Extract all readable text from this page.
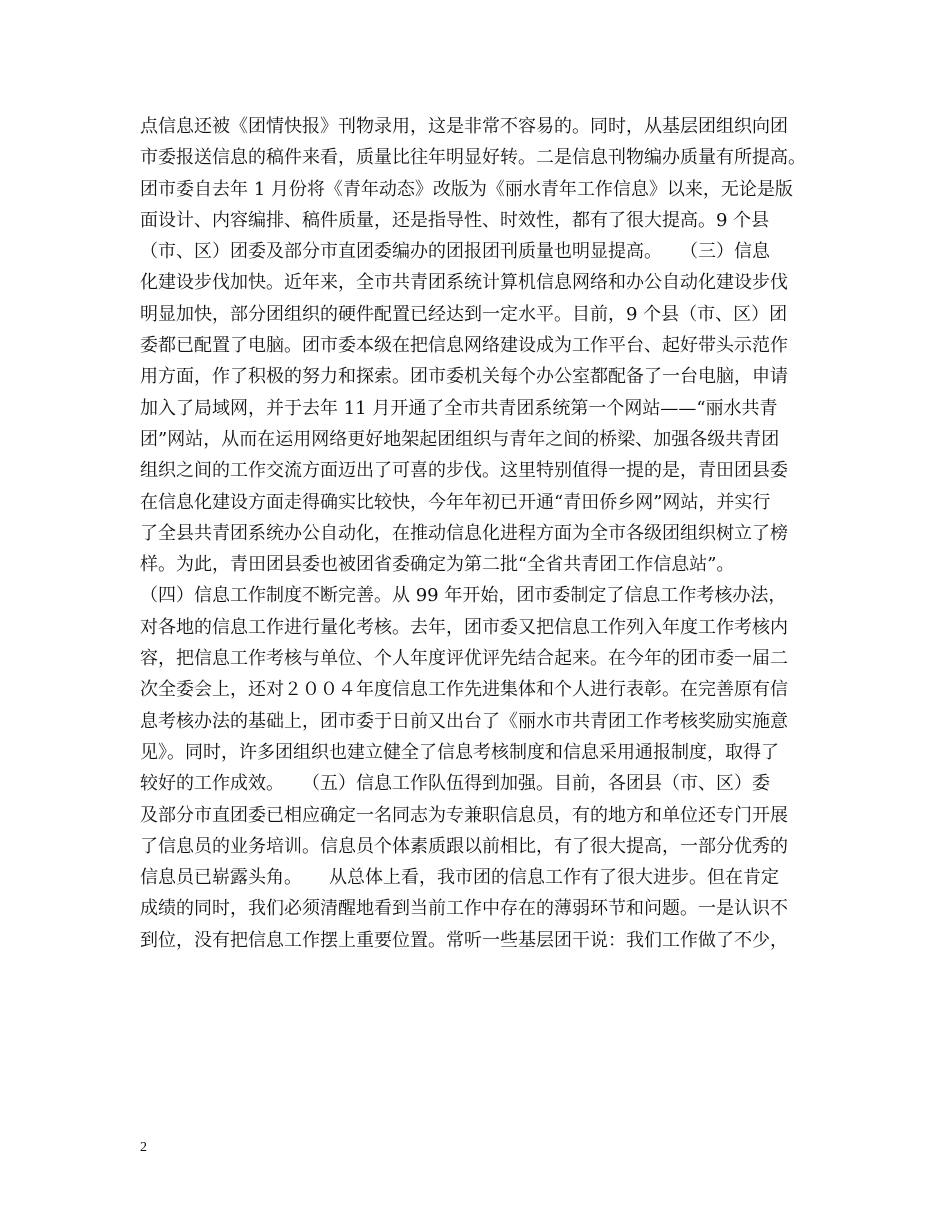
点信息还被《团情快报》刊物录用，这是非常不容易的。同时，从基层团组织向团
市委报送信息的稿件来看，质量比往年明显好转。二是信息刊物编办质量有所提高。
团市委自去年 1 月份将《青年动态》改版为《丽水青年工作信息》以来，无论是版
面设计、内容编排、稿件质量，还是指导性、时效性，都有了很大提高。9 个县
（市、区）团委及部分市直团委编办的团报团刊质量也明显提高。　　（三）信息
化建设步伐加快。近年来，全市共青团系统计算机信息网络和办公自动化建设步伐
明显加快，部分团组织的硬件配置已经达到一定水平。目前，9 个县（市、区）团
委都已配置了电脑。团市委本级在把信息网络建设成为工作平台、起好带头示范作
用方面，作了积极的努力和探索。团市委机关每个办公室都配备了一台电脑，申请
加入了局域网，并于去年 11 月开通了全市共青团系统第一个网站——“丽水共青
团”网站，从而在运用网络更好地架起团组织与青年之间的桥梁、加强各级共青团
组织之间的工作交流方面迈出了可喜的步伐。这里特别值得一提的是，青田团县委
在信息化建设方面走得确实比较快，今年年初已开通“青田侨乡网”网站，并实行
了全县共青团系统办公自动化，在推动信息化进程方面为全市各级团组织树立了榜
样。为此，青田团县委也被团省委确定为第二批“全省共青团工作信息站”。
（四）信息工作制度不断完善。从 99 年开始，团市委制定了信息工作考核办法，
对各地的信息工作进行量化考核。去年，团市委又把信息工作列入年度工作考核内
容，把信息工作考核与单位、个人年度评优评先结合起来。在今年的团市委一届二
次全委会上，还对２００４年度信息工作先进集体和个人进行表彰。在完善原有信
息考核办法的基础上，团市委于日前又出台了《丽水市共青团工作考核奖励实施意
见》。同时，许多团组织也建立健全了信息考核制度和信息采用通报制度，取得了
较好的工作成效。　　（五）信息工作队伍得到加强。目前，各团县（市、区）委
及部分市直团委已相应确定一名同志为专兼职信息员，有的地方和单位还专门开展
了信息员的业务培训。信息员个体素质跟以前相比，有了很大提高，一部分优秀的
信息员已崭露头角。　　从总体上看，我市团的信息工作有了很大进步。但在肯定
成绩的同时，我们必须清醒地看到当前工作中存在的薄弱环节和问题。一是认识不
到位，没有把信息工作摆上重要位置。常听一些基层团干说：我们工作做了不少，
2
